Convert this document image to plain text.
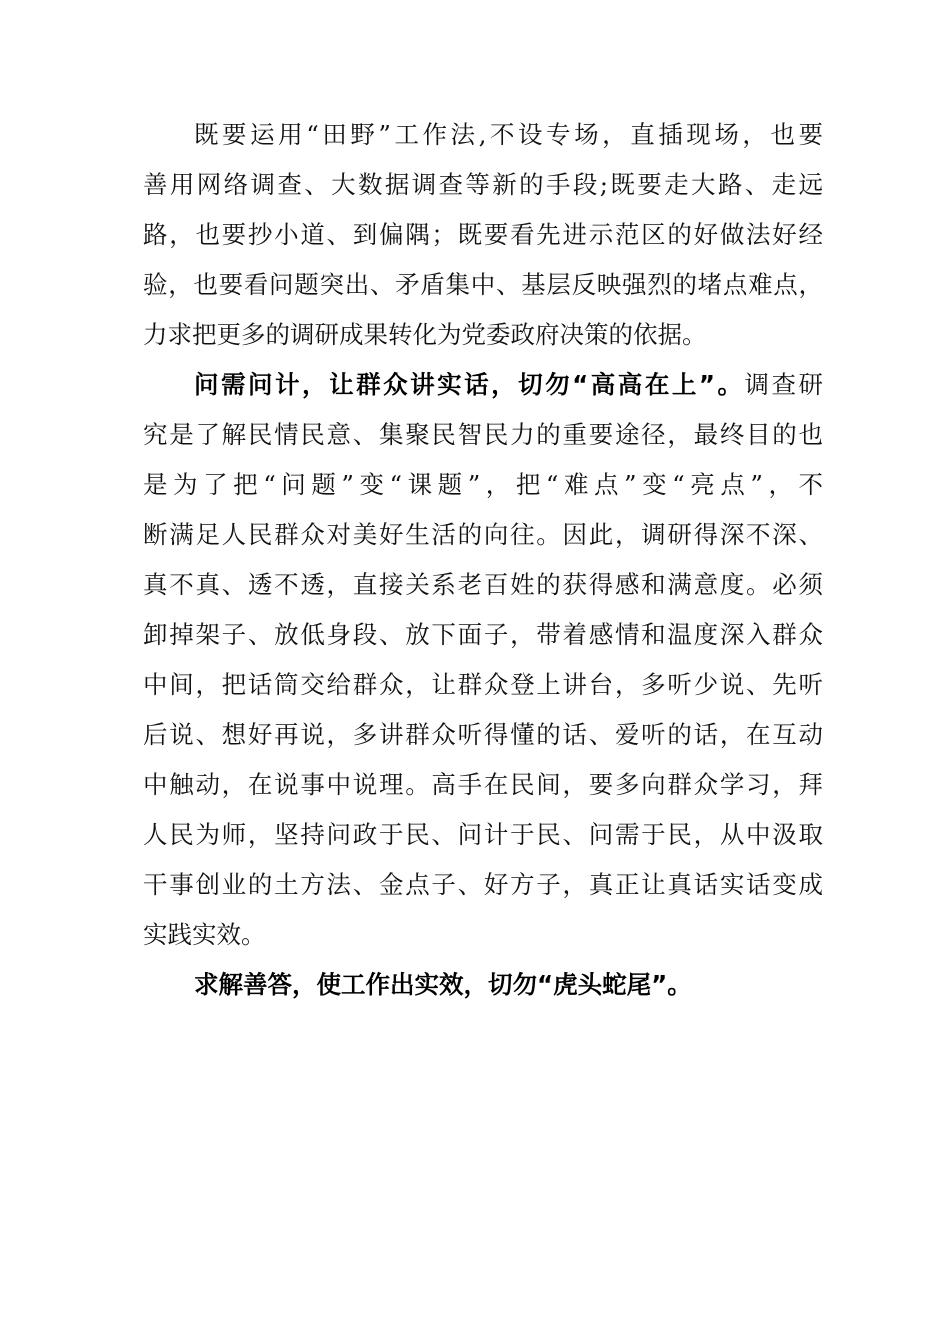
既要运用“田野”工作法,不设专场，直插现场，也要
善用网络调查、大数据调查等新的手段;既要走大路、走远
路，也要抄小道、到偏隅；既要看先进示范区的好做法好经
验，也要看问题突出、矛盾集中、基层反映强烈的堵点难点，
力求把更多的调研成果转化为党委政府决策的依据。
问需问计，让群众讲实话，切勿“高高在上”。调查研
究是了解民情民意、集聚民智民力的重要途径，最终目的也
是为了把“问题”变“课题”，把“难点”变“亮点”，不
断满足人民群众对美好生活的向往。因此，调研得深不深、
真不真、透不透，直接关系老百姓的获得感和满意度。必须
卸掉架子、放低身段、放下面子，带着感情和温度深入群众
中间，把话筒交给群众，让群众登上讲台，多听少说、先听
后说、想好再说，多讲群众听得懂的话、爱听的话，在互动
中触动，在说事中说理。高手在民间，要多向群众学习，拜
人民为师，坚持问政于民、问计于民、问需于民，从中汲取
干事创业的土方法、金点子、好方子，真正让真话实话变成
实践实效。
求解善答，使工作出实效，切勿“虎头蛇尾”。
